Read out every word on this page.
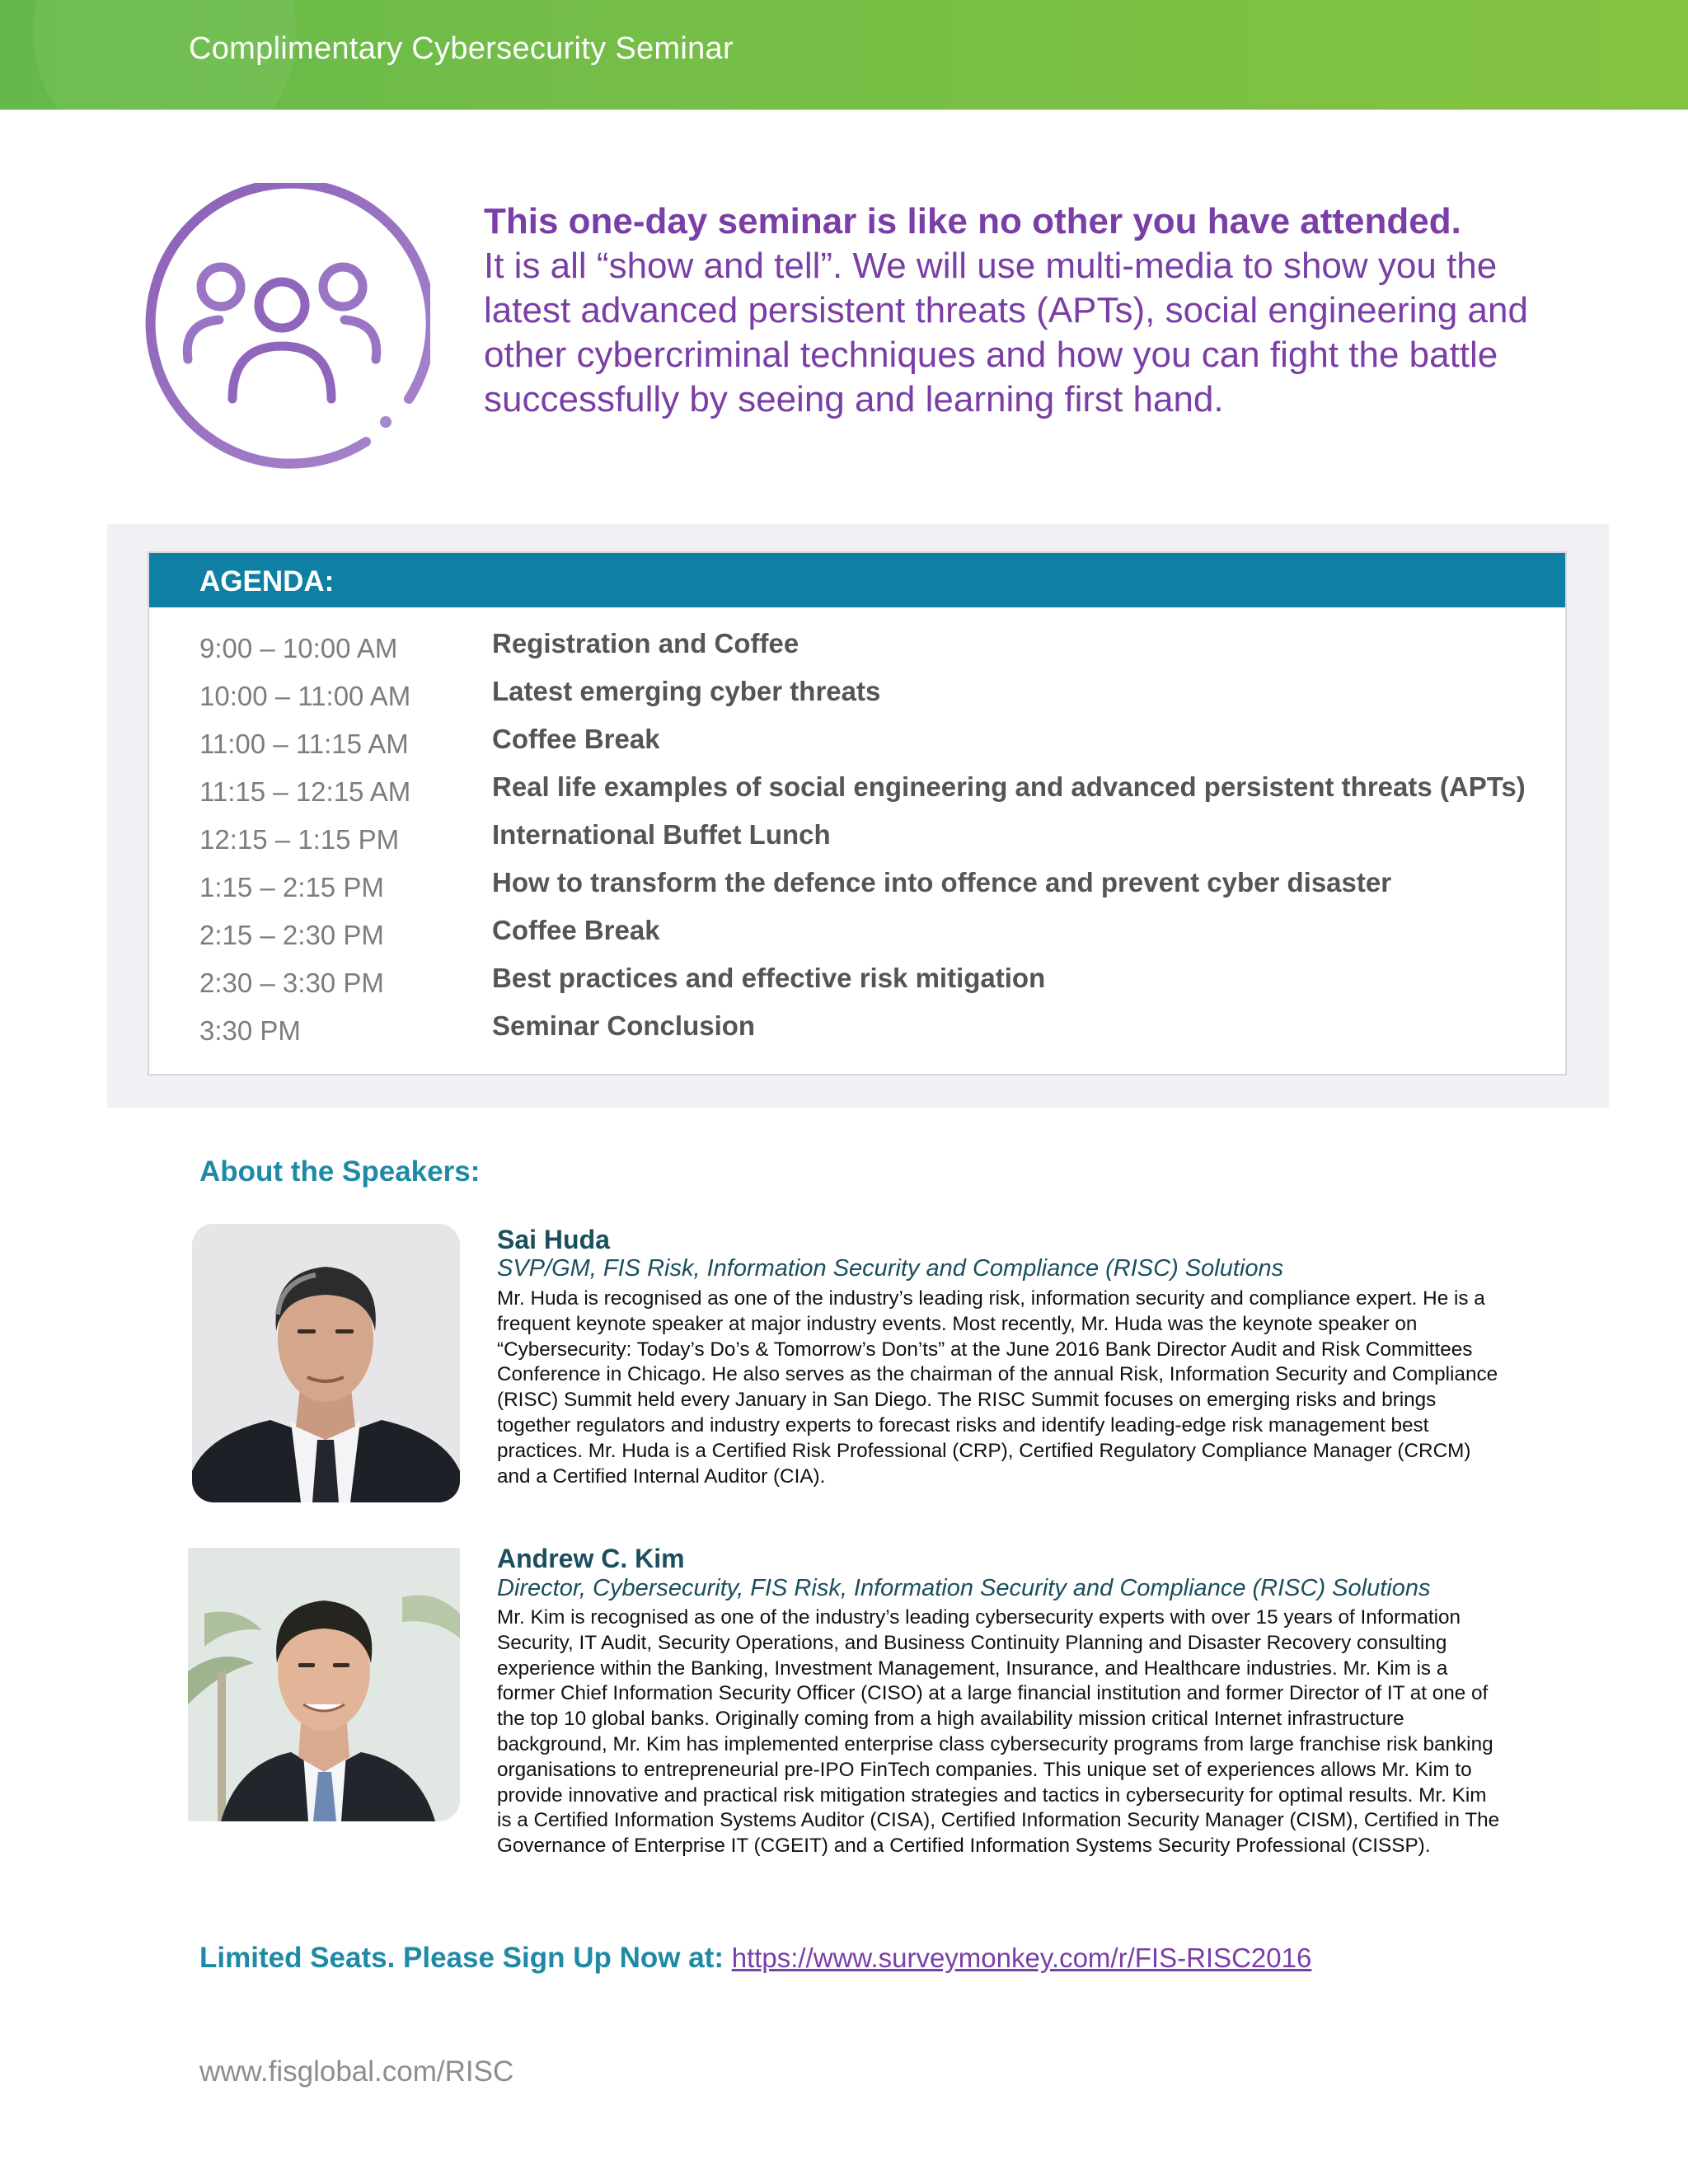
Complimentary Cybersecurity Seminar
This one-day seminar is like no other you have attended.
It is all “show and tell”. We will use multi-media to show you the latest advanced persistent threats (APTs), social engineering and other cybercriminal techniques and how you can fight the battle successfully by seeing and learning first hand.
AGENDA:
9:00 – 10:00 AM	Registration and Coffee
10:00 – 11:00 AM	Latest emerging cyber threats
11:00 – 11:15 AM	Coffee Break
11:15 – 12:15 AM	Real life examples of social engineering and advanced persistent threats (APTs)
12:15 – 1:15 PM	International Buffet Lunch
1:15 – 2:15 PM	How to transform the defence into offence and prevent cyber disaster
2:15 – 2:30 PM	Coffee Break
2:30 – 3:30 PM	Best practices and effective risk mitigation
3:30 PM	Seminar Conclusion
About the Speakers:
Sai Huda
SVP/GM, FIS Risk, Information Security and Compliance (RISC) Solutions
Mr. Huda is recognised as one of the industry’s leading risk, information security and compliance expert. He is a frequent keynote speaker at major industry events. Most recently, Mr. Huda was the keynote speaker on “Cybersecurity: Today’s Do’s & Tomorrow’s Don’ts” at the June 2016 Bank Director Audit and Risk Committees Conference in Chicago. He also serves as the chairman of the annual Risk, Information Security and Compliance (RISC) Summit held every January in San Diego. The RISC Summit focuses on emerging risks and brings together regulators and industry experts to forecast risks and identify leading-edge risk management best practices. Mr. Huda is a Certified Risk Professional (CRP), Certified Regulatory Compliance Manager (CRCM) and a Certified Internal Auditor (CIA).
Andrew C. Kim
Director, Cybersecurity, FIS Risk, Information Security and Compliance (RISC) Solutions
Mr. Kim is recognised as one of the industry’s leading cybersecurity experts with over 15 years of Information Security, IT Audit, Security Operations, and Business Continuity Planning and Disaster Recovery consulting experience within the Banking, Investment Management, Insurance, and Healthcare industries. Mr. Kim is a former Chief Information Security Officer (CISO) at a large financial institution and former Director of IT at one of the top 10 global banks. Originally coming from a high availability mission critical Internet infrastructure background, Mr. Kim has implemented enterprise class cybersecurity programs from large franchise risk banking organisations to entrepreneurial pre-IPO FinTech companies. This unique set of experiences allows Mr. Kim to provide innovative and practical risk mitigation strategies and tactics in cybersecurity for optimal results. Mr. Kim is a Certified Information Systems Auditor (CISA), Certified Information Security Manager (CISM), Certified in The Governance of Enterprise IT (CGEIT) and a Certified Information Systems Security Professional (CISSP).
Limited Seats. Please Sign Up Now at: https://www.surveymonkey.com/r/FIS-RISC2016
www.fisglobal.com/RISC
